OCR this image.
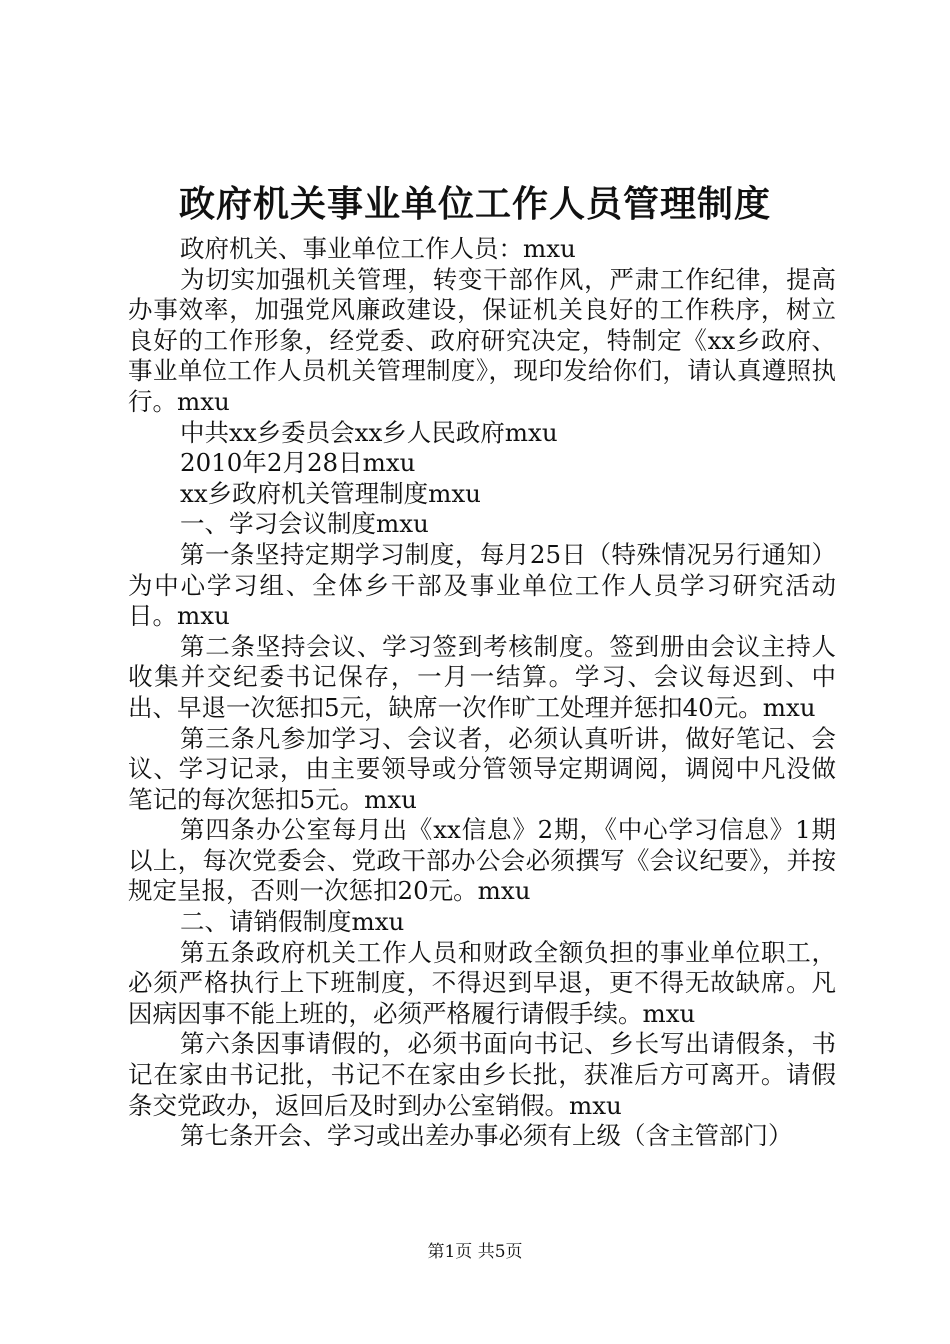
政府机关事业单位工作人员管理制度

政府机关、事业单位工作人员：mxu

为切实加强机关管理，转变干部作风，严肃工作纪律，提高办事效率，加强党风廉政建设，保证机关良好的工作秩序，树立良好的工作形象，经党委、政府研究决定，特制定《xx乡政府、事业单位工作人员机关管理制度》，现印发给你们，请认真遵照执行。mxu

中共xx乡委员会xx乡人民政府mxu

2010年2月28日mxu

xx乡政府机关管理制度mxu

一、学习会议制度mxu

第一条坚持定期学习制度，每月25日（特殊情况另行通知）为中心学习组、全体乡干部及事业单位工作人员学习研究活动日。mxu

第二条坚持会议、学习签到考核制度。签到册由会议主持人收集并交纪委书记保存，一月一结算。学习、会议每迟到、中出、早退一次惩扣5元，缺席一次作旷工处理并惩扣40元。mxu

第三条凡参加学习、会议者，必须认真听讲，做好笔记、会议、学习记录，由主要领导或分管领导定期调阅，调阅中凡没做笔记的每次惩扣5元。mxu

第四条办公室每月出《xx信息》2期，《中心学习信息》1期以上，每次党委会、党政干部办公会必须撰写《会议纪要》，并按规定呈报，否则一次惩扣20元。mxu

二、请销假制度mxu

第五条政府机关工作人员和财政全额负担的事业单位职工，必须严格执行上下班制度，不得迟到早退，更不得无故缺席。凡因病因事不能上班的，必须严格履行请假手续。mxu

第六条因事请假的，必须书面向书记、乡长写出请假条，书记在家由书记批，书记不在家由乡长批，获准后方可离开。请假条交党政办，返回后及时到办公室销假。mxu

第七条开会、学习或出差办事必须有上级（含主管部门）

第1页 共5页
